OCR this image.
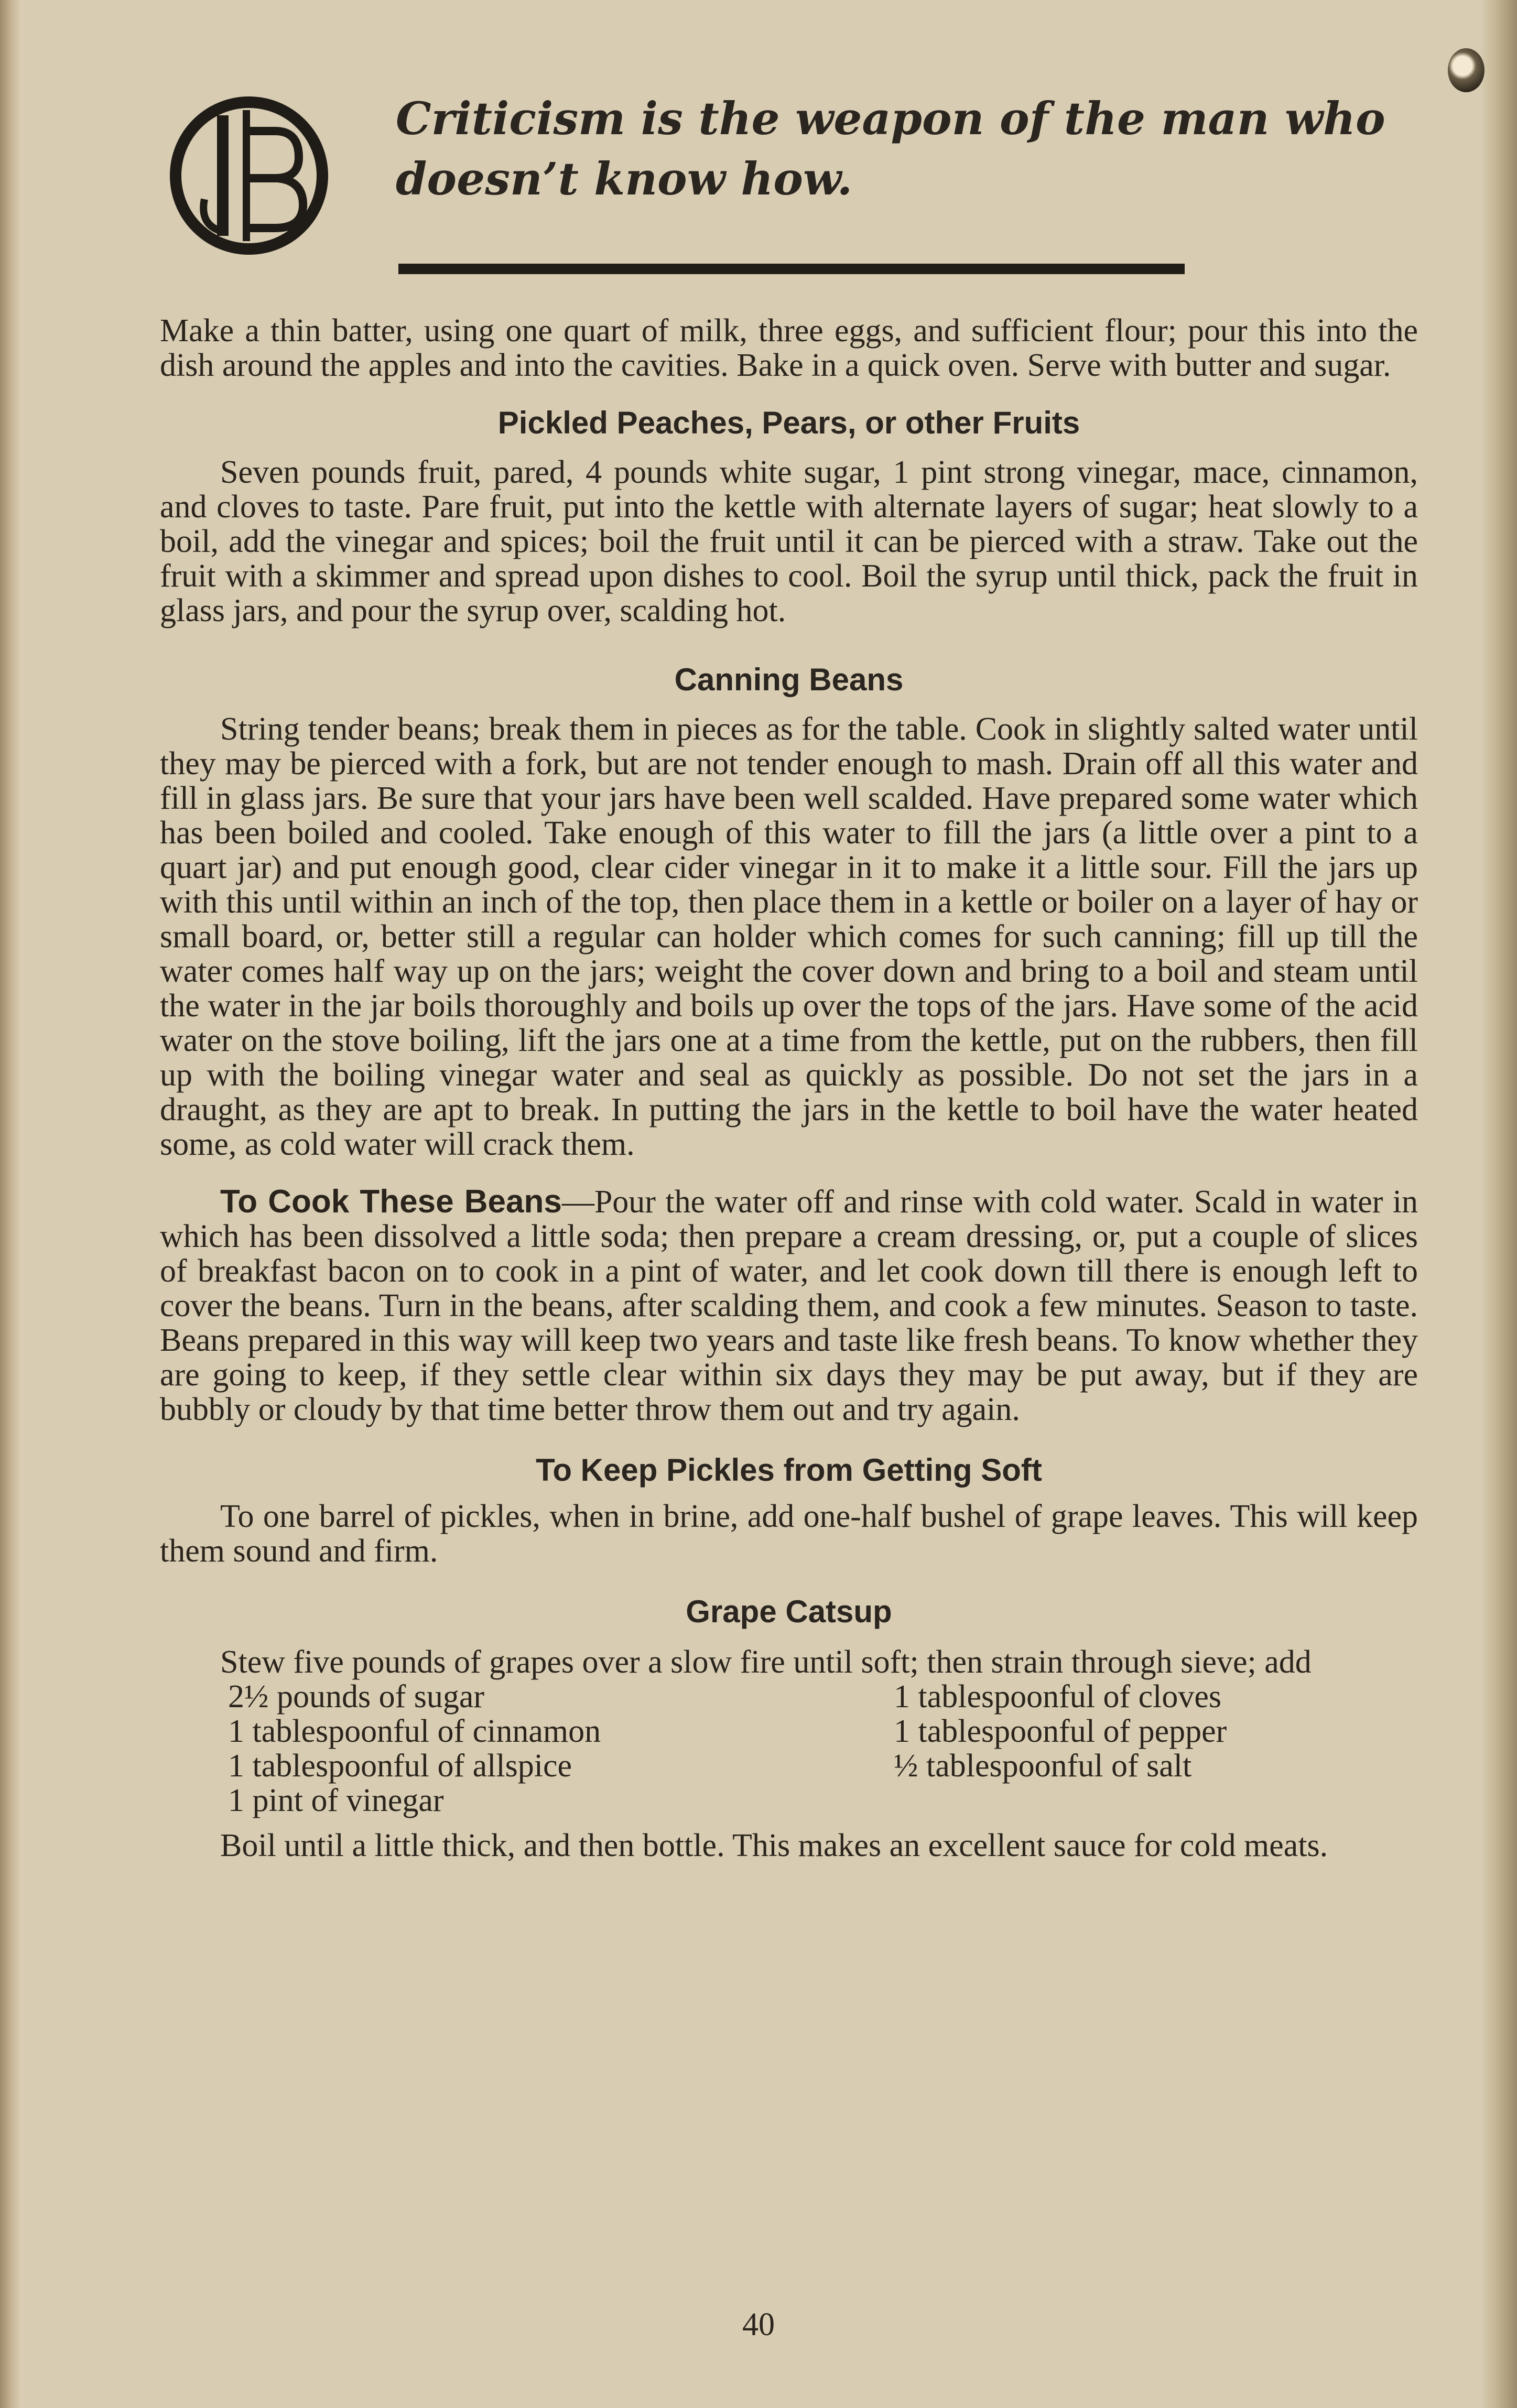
Criticism is the weapon of the man who doesn’t know how.

Make a thin batter, using one quart of milk, three eggs, and sufficient flour; pour this into the dish around the apples and into the cavities. Bake in a quick oven. Serve with butter and sugar.

Pickled Peaches, Pears, or other Fruits

Seven pounds fruit, pared, 4 pounds white sugar, 1 pint strong vinegar, mace, cinnamon, and cloves to taste. Pare fruit, put into the kettle with alternate layers of sugar; heat slowly to a boil, add the vinegar and spices; boil the fruit until it can be pierced with a straw. Take out the fruit with a skimmer and spread upon dishes to cool. Boil the syrup until thick, pack the fruit in glass jars, and pour the syrup over, scalding hot.

Canning Beans

String tender beans; break them in pieces as for the table. Cook in slightly salted water until they may be pierced with a fork, but are not tender enough to mash. Drain off all this water and fill in glass jars. Be sure that your jars have been well scalded. Have prepared some water which has been boiled and cooled. Take enough of this water to fill the jars (a little over a pint to a quart jar) and put enough good, clear cider vinegar in it to make it a little sour. Fill the jars up with this until within an inch of the top, then place them in a kettle or boiler on a layer of hay or small board, or, better still a regular can holder which comes for such canning; fill up till the water comes half way up on the jars; weight the cover down and bring to a boil and steam until the water in the jar boils thoroughly and boils up over the tops of the jars. Have some of the acid water on the stove boiling, lift the jars one at a time from the kettle, put on the rubbers, then fill up with the boiling vinegar water and seal as quickly as possible. Do not set the jars in a draught, as they are apt to break. In putting the jars in the kettle to boil have the water heated some, as cold water will crack them.

To Cook These Beans—Pour the water off and rinse with cold water. Scald in water in which has been dissolved a little soda; then prepare a cream dressing, or, put a couple of slices of breakfast bacon on to cook in a pint of water, and let cook down till there is enough left to cover the beans. Turn in the beans, after scalding them, and cook a few minutes. Season to taste. Beans prepared in this way will keep two years and taste like fresh beans. To know whether they are going to keep, if they settle clear within six days they may be put away, but if they are bubbly or cloudy by that time better throw them out and try again.

To Keep Pickles from Getting Soft

To one barrel of pickles, when in brine, add one-half bushel of grape leaves. This will keep them sound and firm.

Grape Catsup

Stew five pounds of grapes over a slow fire until soft; then strain through sieve; add

2½ pounds of sugar
1 tablespoonful of cinnamon
1 tablespoonful of allspice
1 pint of vinegar
1 tablespoonful of cloves
1 tablespoonful of pepper
½ tablespoonful of salt

Boil until a little thick, and then bottle. This makes an excellent sauce for cold meats.

40
